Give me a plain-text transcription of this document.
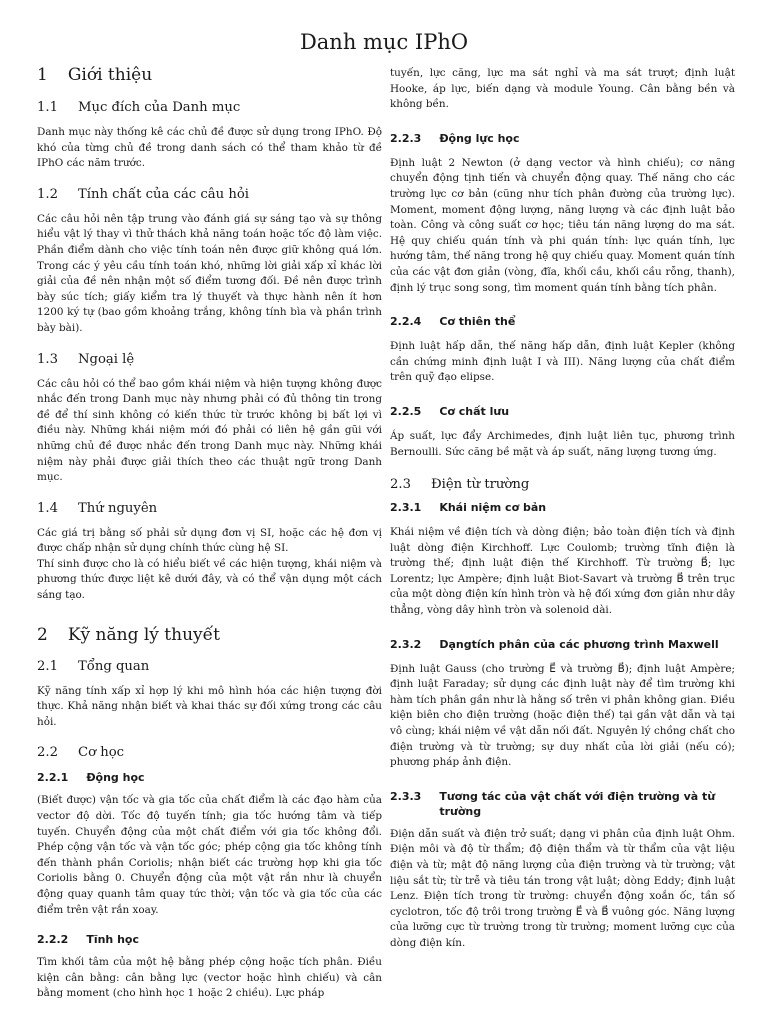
Danh mục IPhO
1 Giới thiệu
1.1 Mục đích của Danh mục

Danh mục này thống kê các chủ đề được sử dụng trong IPhO. Độ khó của từng chủ đề trong danh sách có thể tham khảo từ đề IPhO các năm trước.

1.2 Tính chất của các câu hỏi

Các câu hỏi nên tập trung vào đánh giá sự sáng tạo và sự thông hiểu vật lý thay vì thử thách khả năng toán hoặc tốc độ làm việc. Phần điểm dành cho việc tính toán nên được giữ không quá lớn. Trong các ý yêu cầu tính toán khó, những lời giải xấp xỉ khác lời giải của đề nên nhận một số điểm tương đối. Đề nên được trình bày súc tích; giấy kiểm tra lý thuyết và thực hành nên ít hơn 1200 ký tự (bao gồm khoảng trắng, không tính bìa và phần trình bày bài).

1.3 Ngoại lệ

Các câu hỏi có thể bao gồm khái niệm và hiện tượng không được nhắc đến trong Danh mục này nhưng phải có đủ thông tin trong đề để thí sinh không có kiến thức từ trước không bị bất lợi vì điều này. Những khái niệm mới đó phải có liên hệ gần gũi với những chủ đề được nhắc đến trong Danh mục này. Những khái niệm này phải được giải thích theo các thuật ngữ trong Danh mục.

1.4 Thứ nguyên

Các giá trị bằng số phải sử dụng đơn vị SI, hoặc các hệ đơn vị được chấp nhận sử dụng chính thức cùng hệ SI.

Thí sinh được cho là có hiểu biết về các hiện tượng, khái niệm và phương thức được liệt kê dưới đây, và có thể vận dụng một cách sáng tạo.

2 Kỹ năng lý thuyết
2.1 Tổng quan

Kỹ năng tính xấp xỉ hợp lý khi mô hình hóa các hiện tượng đời thực. Khả năng nhận biết và khai thác sự đối xứng trong các câu hỏi.

2.2 Cơ học
2.2.1 Động học

(Biết được) vận tốc và gia tốc của chất điểm là các đạo hàm của vector độ dời. Tốc độ tuyến tính; gia tốc hướng tâm và tiếp tuyến. Chuyển động của một chất điểm với gia tốc không đổi. Phép cộng vận tốc và vận tốc góc; phép cộng gia tốc không tính đến thành phần Coriolis; nhận biết các trường hợp khi gia tốc Coriolis bằng 0. Chuyển động của một vật rắn như là chuyển động quay quanh tâm quay tức thời; vận tốc và gia tốc của các điểm trên vật rắn xoay.

2.2.2 Tĩnh học

Tìm khối tâm của một hệ bằng phép cộng hoặc tích phân. Điều kiện cân bằng: cân bằng lực (vector hoặc hình chiếu) và cân bằng moment (cho hình học 1 hoặc 2 chiều). Lực pháp

tuyến, lực căng, lực ma sát nghỉ và ma sát trượt; định luật Hooke, áp lực, biến dạng và module Young. Cân bằng bền và không bền.

2.2.3 Động lực học

Định luật 2 Newton (ở dạng vector và hình chiếu); cơ năng chuyển động tịnh tiến và chuyển động quay. Thế năng cho các trường lực cơ bản (cũng như tích phân đường của trường lực). Moment, moment động lượng, năng lượng và các định luật bảo toàn. Công và công suất cơ học; tiêu tán năng lượng do ma sát. Hệ quy chiếu quán tính và phi quán tính: lực quán tính, lực hướng tâm, thế năng trong hệ quy chiếu quay. Moment quán tính của các vật đơn giản (vòng, đĩa, khối cầu, khối cầu rỗng, thanh), định lý trục song song, tìm moment quán tính bằng tích phân.

2.2.4 Cơ thiên thể

Định luật hấp dẫn, thế năng hấp dẫn, định luật Kepler (không cần chứng minh định luật I và III). Năng lượng của chất điểm trên quỹ đạo elipse.

2.2.5 Cơ chất lưu

Áp suất, lực đẩy Archimedes, định luật liên tục, phương trình Bernoulli. Sức căng bề mặt và áp suất, năng lượng tương ứng.

2.3 Điện từ trường
2.3.1 Khái niệm cơ bản

Khái niệm về điện tích và dòng điện; bảo toàn điện tích và định luật dòng điện Kirchhoff. Lực Coulomb; trường tĩnh điện là trường thế; định luật điện thế Kirchhoff. Từ trường B⃗; lực Lorentz; lực Ampère; định luật Biot-Savart và trường B⃗ trên trục của một dòng điện kín hình tròn và hệ đối xứng đơn giản như dây thẳng, vòng dây hình tròn và solenoid dài.

2.3.2 Dạngtích phân của các phương trình Maxwell

Định luật Gauss (cho trường E⃗ và trường B⃗); định luật Ampère; định luật Faraday; sử dụng các định luật này để tìm trường khi hàm tích phân gần như là hằng số trên vi phân không gian. Điều kiện biên cho điện trường (hoặc điện thế) tại gần vật dẫn và tại vô cùng; khái niệm về vật dẫn nối đất. Nguyên lý chồng chất cho điện trường và từ trường; sự duy nhất của lời giải (nếu có); phương pháp ảnh điện.

2.3.3 Tương tác của vật chất với điện trường và từ trường

Điện dẫn suất và điện trở suất; dạng vi phân của định luật Ohm. Điện môi và độ từ thẩm; độ điện thẩm và từ thẩm của vật liệu điện và từ; mật độ năng lượng của điện trường và từ trường; vật liệu sắt từ; từ trễ và tiêu tán trong vật luật; dòng Eddy; định luật Lenz. Điện tích trong từ trường: chuyển động xoắn ốc, tần số cyclotron, tốc độ trôi trong trường E⃗ và B⃗ vuông góc. Năng lượng của lưỡng cực từ trường trong từ trường; moment lưỡng cực của dòng điện kín.
